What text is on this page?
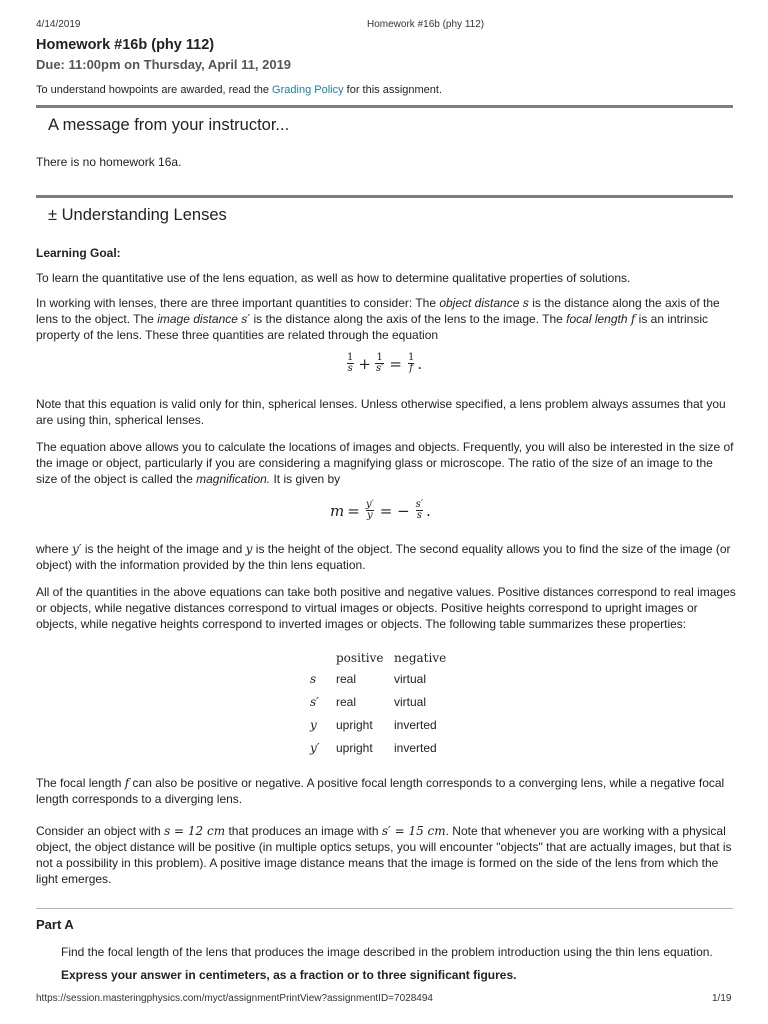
4/14/2019	Homework #16b (phy 112)
Homework #16b (phy 112)
Due: 11:00pm on Thursday, April 11, 2019
To understand howpoints are awarded, read the Grading Policy for this assignment.
A message from your instructor...
There is no homework 16a.
± Understanding Lenses
Learning Goal:
To learn the quantitative use of the lens equation, as well as how to determine qualitative properties of solutions.
In working with lenses, there are three important quantities to consider: The object distance s is the distance along the axis of the lens to the object. The image distance s′ is the distance along the axis of the lens to the image. The focal length f is an intrinsic property of the lens. These three quantities are related through the equation
$\frac{1}{s} + \frac{1}{s'} = \frac{1}{f}$ .
Note that this equation is valid only for thin, spherical lenses. Unless otherwise specified, a lens problem always assumes that you are using thin, spherical lenses.
The equation above allows you to calculate the locations of images and objects. Frequently, you will also be interested in the size of the image or object, particularly if you are considering a magnifying glass or microscope. The ratio of the size of an image to the size of the object is called the magnification. It is given by
$m = \frac{y'}{y}$ = − $\frac{s'}{s}$ .
where y′ is the height of the image and y is the height of the object. The second equality allows you to find the size of the image (or object) with the information provided by the thin lens equation.
All of the quantities in the above equations can take both positive and negative values. Positive distances correspond to real images or objects, while negative distances correspond to virtual images or objects. Positive heights correspond to upright images or objects, while negative heights correspond to inverted images or objects. The following table summarizes these properties:
	positive	negative
s	real	virtual
s′	real	virtual
y	upright	inverted
y′	upright	inverted
The focal length f can also be positive or negative. A positive focal length corresponds to a converging lens, while a negative focal length corresponds to a diverging lens.
Consider an object with s = 12 cm that produces an image with s′ = 15 cm. Note that whenever you are working with a physical object, the object distance will be positive (in multiple optics setups, you will encounter "objects" that are actually images, but that is not a possibility in this problem). A positive image distance means that the image is formed on the side of the lens from which the light emerges.
Part A
Find the focal length of the lens that produces the image described in the problem introduction using the thin lens equation.
Express your answer in centimeters, as a fraction or to three significant figures.
https://session.masteringphysics.com/myct/assignmentPrintView?assignmentID=7028494	1/19
